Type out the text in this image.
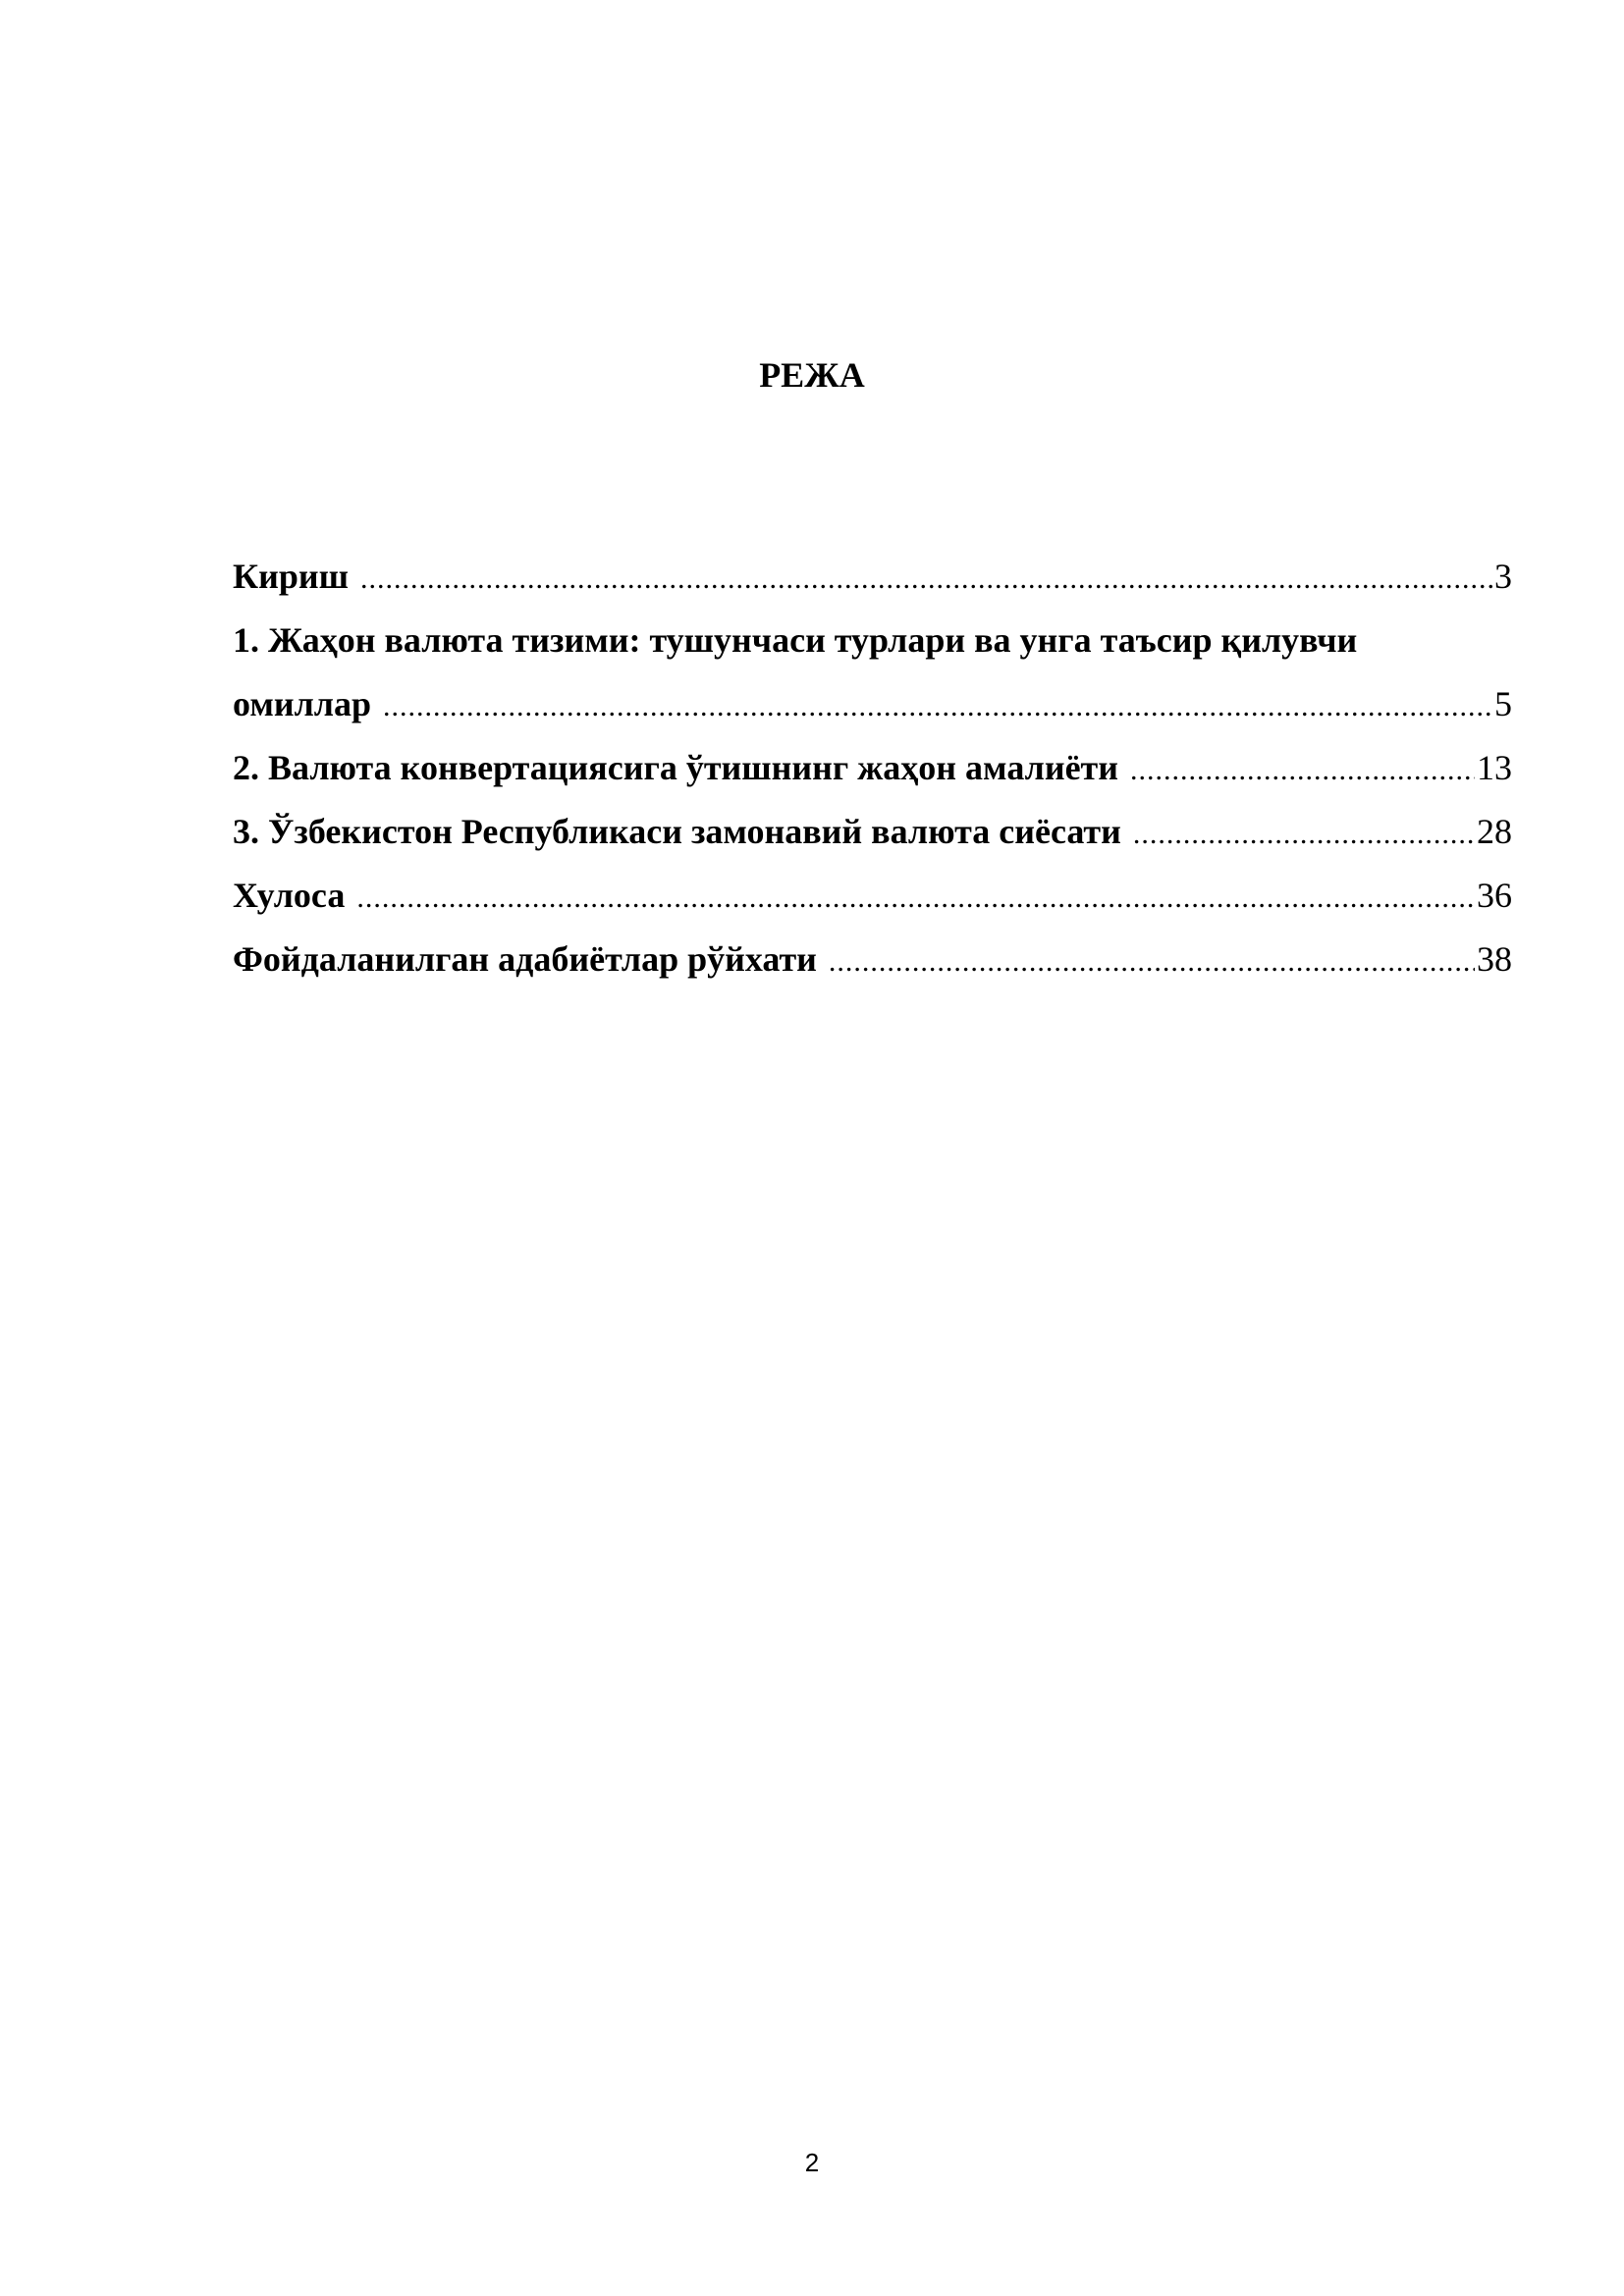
РЕЖА
Кириш .....	3
1. Жаҳон валюта тизими: тушунчаси турлари ва унга таъсир қилувчи
омиллар .....	5
2. Валюта конвертациясига ўтишнинг жаҳон амалиёти .....	13
3. Ўзбекистон Республикаси замонавий валюта сиёсати .....	28
Хулоса .....	36
Фойдаланилган адабиётлар рўйхати .....	38
2
